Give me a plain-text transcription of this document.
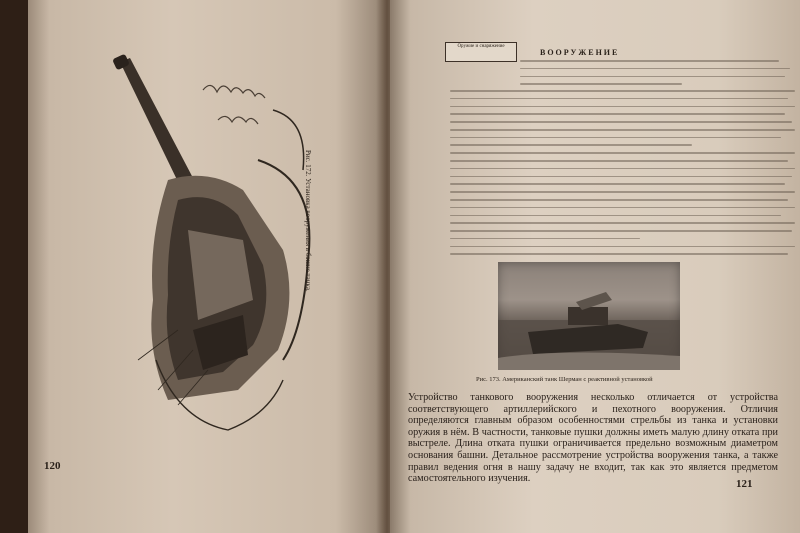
Рис. 172. Установка вооружения в башне танка.
120
Оружие и снаряжение
ВООРУЖЕНИЕ
Рис. 173. Американский танк Шерман с реактивной установкой
Устройство танкового вооружения несколько отличается от устройства соответствующего артиллерийского и пехотного вооружения. Отличия определяются главным образом особенностями стрельбы из танка и установки оружия в нём. В частности, танковые пушки должны иметь малую длину отката при выстреле. Длина отката пушки ограничивается предельно возможным диаметром основания башни. Детальное рассмотрение устройства вооружения танка, а также правил ведения огня в нашу задачу не входит, так как это является предметом самостоятельного изучения.	121
